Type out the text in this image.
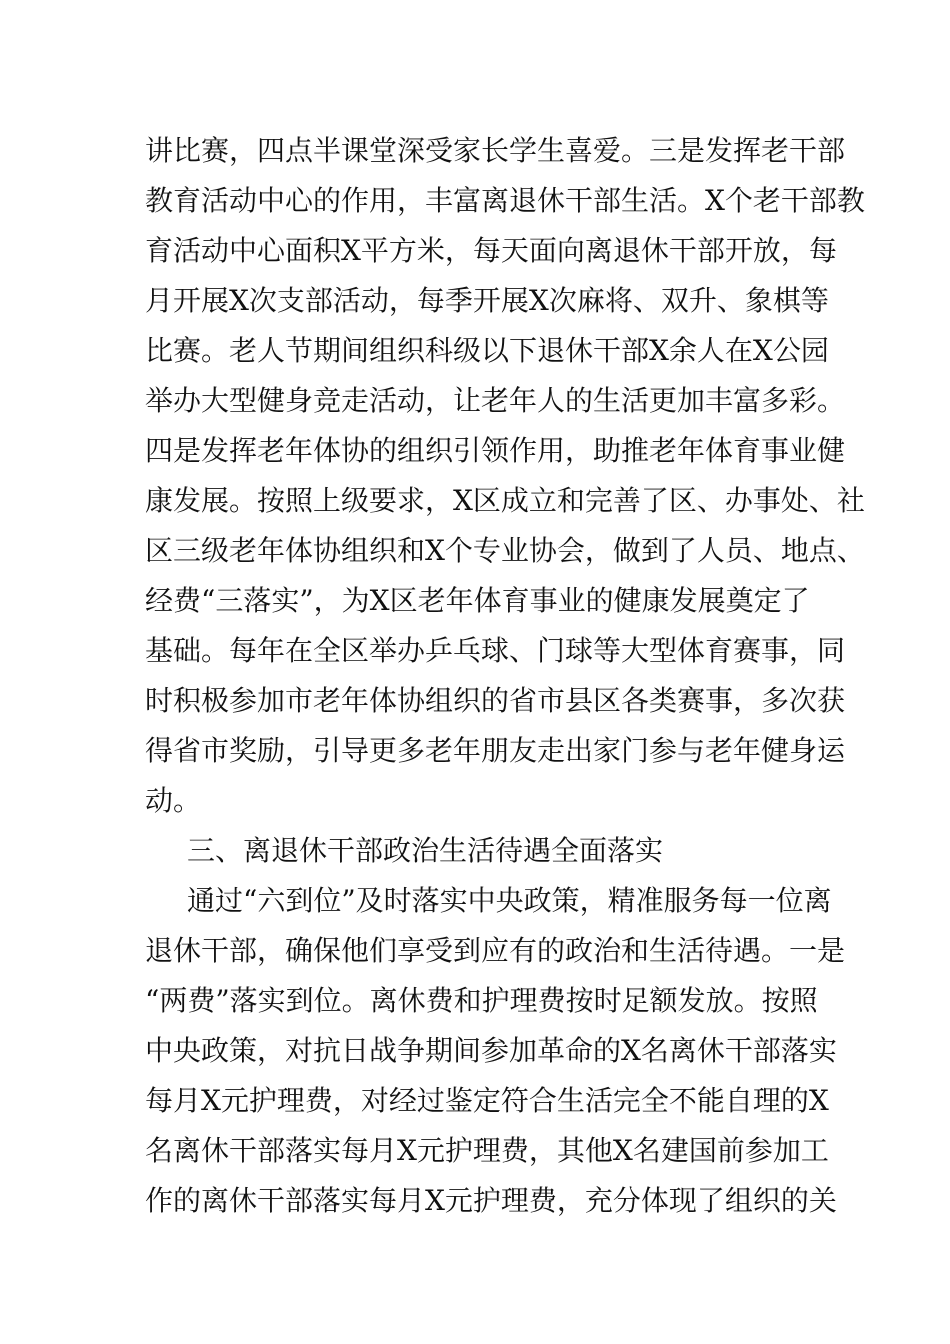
讲比赛，四点半课堂深受家长学生喜爱。三是发挥老干部
教育活动中心的作用，丰富离退休干部生活。X个老干部教
育活动中心面积X平方米，每天面向离退休干部开放，每
月开展X次支部活动，每季开展X次麻将、双升、象棋等
比赛。老人节期间组织科级以下退休干部X余人在X公园
举办大型健身竞走活动，让老年人的生活更加丰富多彩。
四是发挥老年体协的组织引领作用，助推老年体育事业健
康发展。按照上级要求，X区成立和完善了区、办事处、社
区三级老年体协组织和X个专业协会，做到了人员、地点、
经费“三落实”，为X区老年体育事业的健康发展奠定了
基础。每年在全区举办乒乓球、门球等大型体育赛事，同
时积极参加市老年体协组织的省市县区各类赛事，多次获
得省市奖励，引导更多老年朋友走出家门参与老年健身运
动。
三、离退休干部政治生活待遇全面落实
通过“六到位”及时落实中央政策，精准服务每一位离
退休干部，确保他们享受到应有的政治和生活待遇。一是
“两费”落实到位。离休费和护理费按时足额发放。按照
中央政策，对抗日战争期间参加革命的X名离休干部落实
每月X元护理费，对经过鉴定符合生活完全不能自理的X
名离休干部落实每月X元护理费，其他X名建国前参加工
作的离休干部落实每月X元护理费，充分体现了组织的关
